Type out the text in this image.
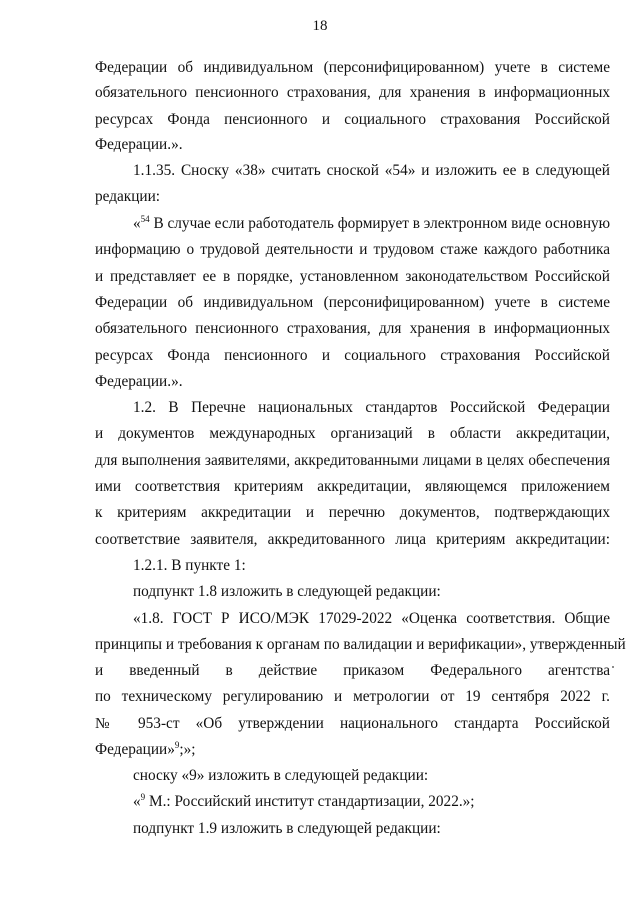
18
Федерации об индивидуальном (персонифицированном) учете в системе
обязательного пенсионного страхования, для хранения в информационных
ресурсах Фонда пенсионного и социального страхования Российской
Федерации.».
1.1.35. Сноску «38» считать сноской «54» и изложить ее в следующей
редакции:
«$^{54}$ В случае если работодатель формирует в электронном виде основную
информацию о трудовой деятельности и трудовом стаже каждого работника
и представляет ее в порядке, установленном законодательством Российской
Федерации об индивидуальном (персонифицированном) учете в системе
обязательного пенсионного страхования, для хранения в информационных
ресурсах Фонда пенсионного и социального страхования Российской
Федерации.».
1.2. В Перечне национальных стандартов Российской Федерации
и документов международных организаций в области аккредитации,
для выполнения заявителями, аккредитованными лицами в целях обеспечения
ими соответствия критериям аккредитации, являющемся приложением
к критериям аккредитации и перечню документов, подтверждающих
соответствие заявителя, аккредитованного лица критериям аккредитации:
1.2.1. В пункте 1:
подпункт 1.8 изложить в следующей редакции:
«1.8. ГОСТ Р ИСО/МЭК 17029-2022 «Оценка соответствия. Общие
принципы и требования к органам по валидации и верификации», утвержденный
и введенный в действие приказом Федерального агентства
по техническому регулированию и метрологии от 19 сентября 2022 г.
№ 953-ст «Об утверждении национального стандарта Российской
Федерации»$^9$;»;
сноску «9» изложить в следующей редакции:
«$^9$ М.: Российский институт стандартизации, 2022.»;
подпункт 1.9 изложить в следующей редакции:
